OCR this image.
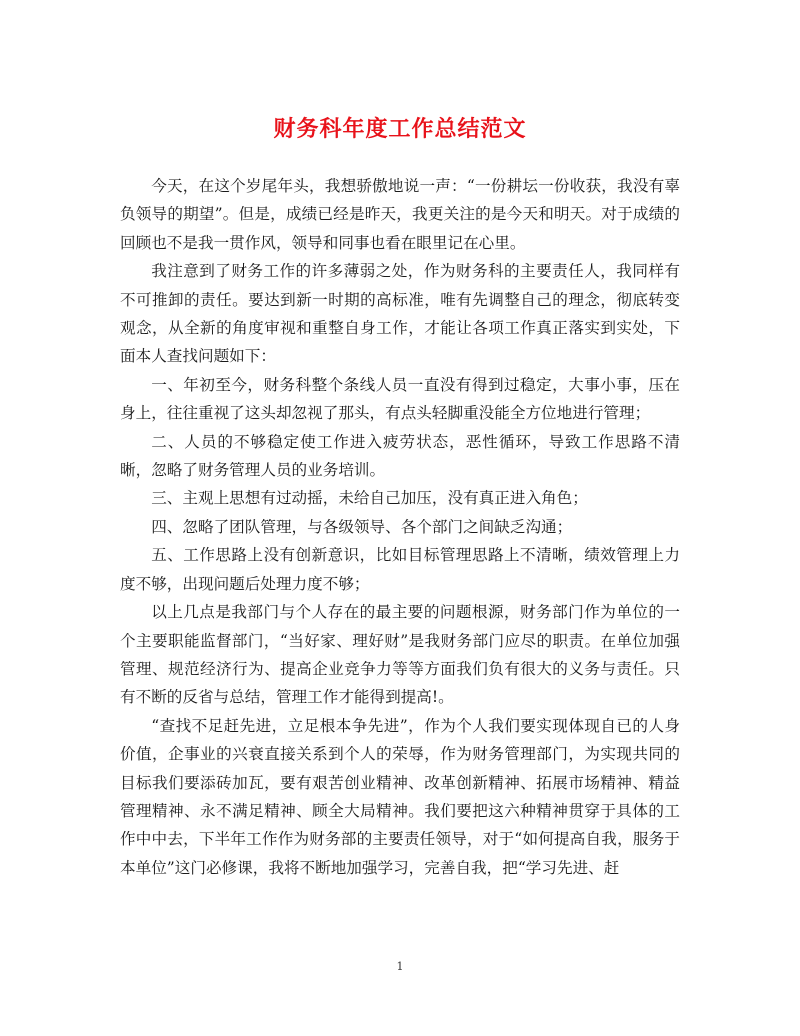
财务科年度工作总结范文

今天，在这个岁尾年头，我想骄傲地说一声：“一份耕坛一份收获，我没有辜负领导的期望”。但是，成绩已经是昨天，我更关注的是今天和明天。对于成绩的回顾也不是我一贯作风，领导和同事也看在眼里记在心里。

我注意到了财务工作的许多薄弱之处，作为财务科的主要责任人，我同样有不可推卸的责任。要达到新一时期的高标准，唯有先调整自己的理念，彻底转变观念，从全新的角度审视和重整自身工作，才能让各项工作真正落实到实处，下面本人查找问题如下：

一、年初至今，财务科整个条线人员一直没有得到过稳定，大事小事，压在身上，往往重视了这头却忽视了那头，有点头轻脚重没能全方位地进行管理；

二、人员的不够稳定使工作进入疲劳状态，恶性循环，导致工作思路不清晰，忽略了财务管理人员的业务培训。

三、主观上思想有过动摇，未给自己加压，没有真正进入角色；

四、忽略了团队管理，与各级领导、各个部门之间缺乏沟通；

五、工作思路上没有创新意识，比如目标管理思路上不清晰，绩效管理上力度不够，出现问题后处理力度不够；

以上几点是我部门与个人存在的最主要的问题根源，财务部门作为单位的一个主要职能监督部门，“当好家、理好财”是我财务部门应尽的职责。在单位加强管理、规范经济行为、提高企业竞争力等等方面我们负有很大的义务与责任。只有不断的反省与总结，管理工作才能得到提高!。

“查找不足赶先进，立足根本争先进”，作为个人我们要实现体现自已的人身价值，企事业的兴衰直接关系到个人的荣辱，作为财务管理部门，为实现共同的目标我们要添砖加瓦，要有艰苦创业精神、改革创新精神、拓展市场精神、精益管理精神、永不满足精神、顾全大局精神。我们要把这六种精神贯穿于具体的工作中中去，下半年工作作为财务部的主要责任领导，对于“如何提高自我，服务于本单位”这门必修课，我将不断地加强学习，完善自我，把“学习先进、赶

1
